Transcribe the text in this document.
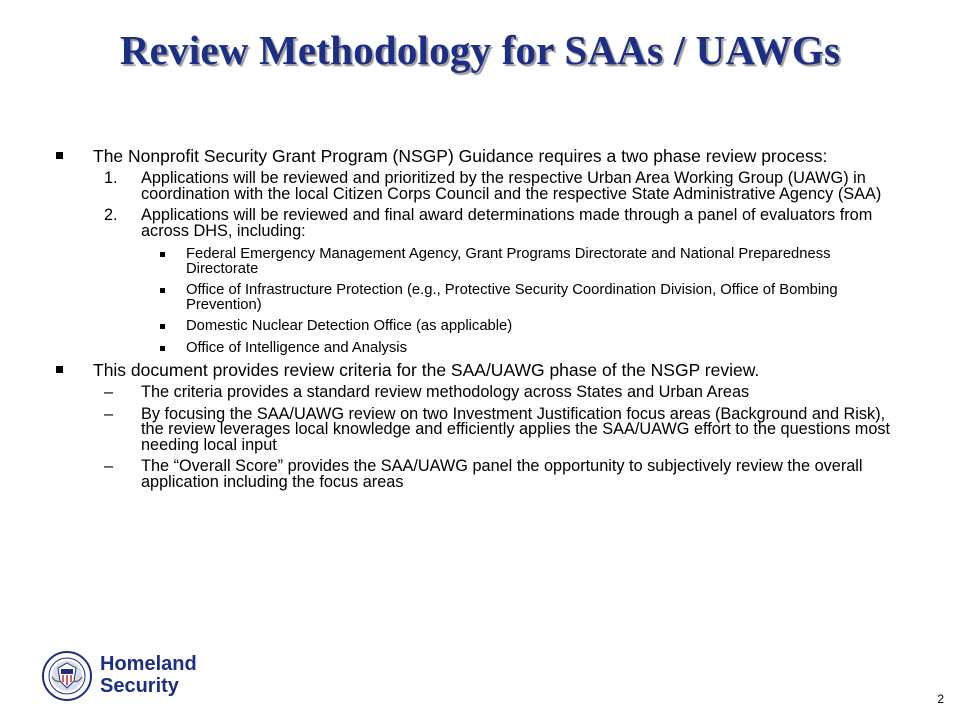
Review Methodology for SAAs / UAWGs
The Nonprofit Security Grant Program (NSGP) Guidance requires a two phase review process:
1. Applications will be reviewed and prioritized by the respective Urban Area Working Group (UAWG) in coordination with the local Citizen Corps Council and the respective State Administrative Agency (SAA)
2. Applications will be reviewed and final award determinations made through a panel of evaluators from across DHS, including:
Federal Emergency Management Agency, Grant Programs Directorate and National Preparedness Directorate
Office of Infrastructure Protection (e.g., Protective Security Coordination Division, Office of Bombing Prevention)
Domestic Nuclear Detection Office (as applicable)
Office of Intelligence and Analysis
This document provides review criteria for the SAA/UAWG phase of the NSGP review.
– The criteria provides a standard review methodology across States and Urban Areas
– By focusing the SAA/UAWG review on two Investment Justification focus areas (Background and Risk), the review leverages local knowledge and efficiently applies the SAA/UAWG effort to the questions most needing local input
– The “Overall Score” provides the SAA/UAWG panel the opportunity to subjectively review the overall application including the focus areas
Homeland
Security
2
